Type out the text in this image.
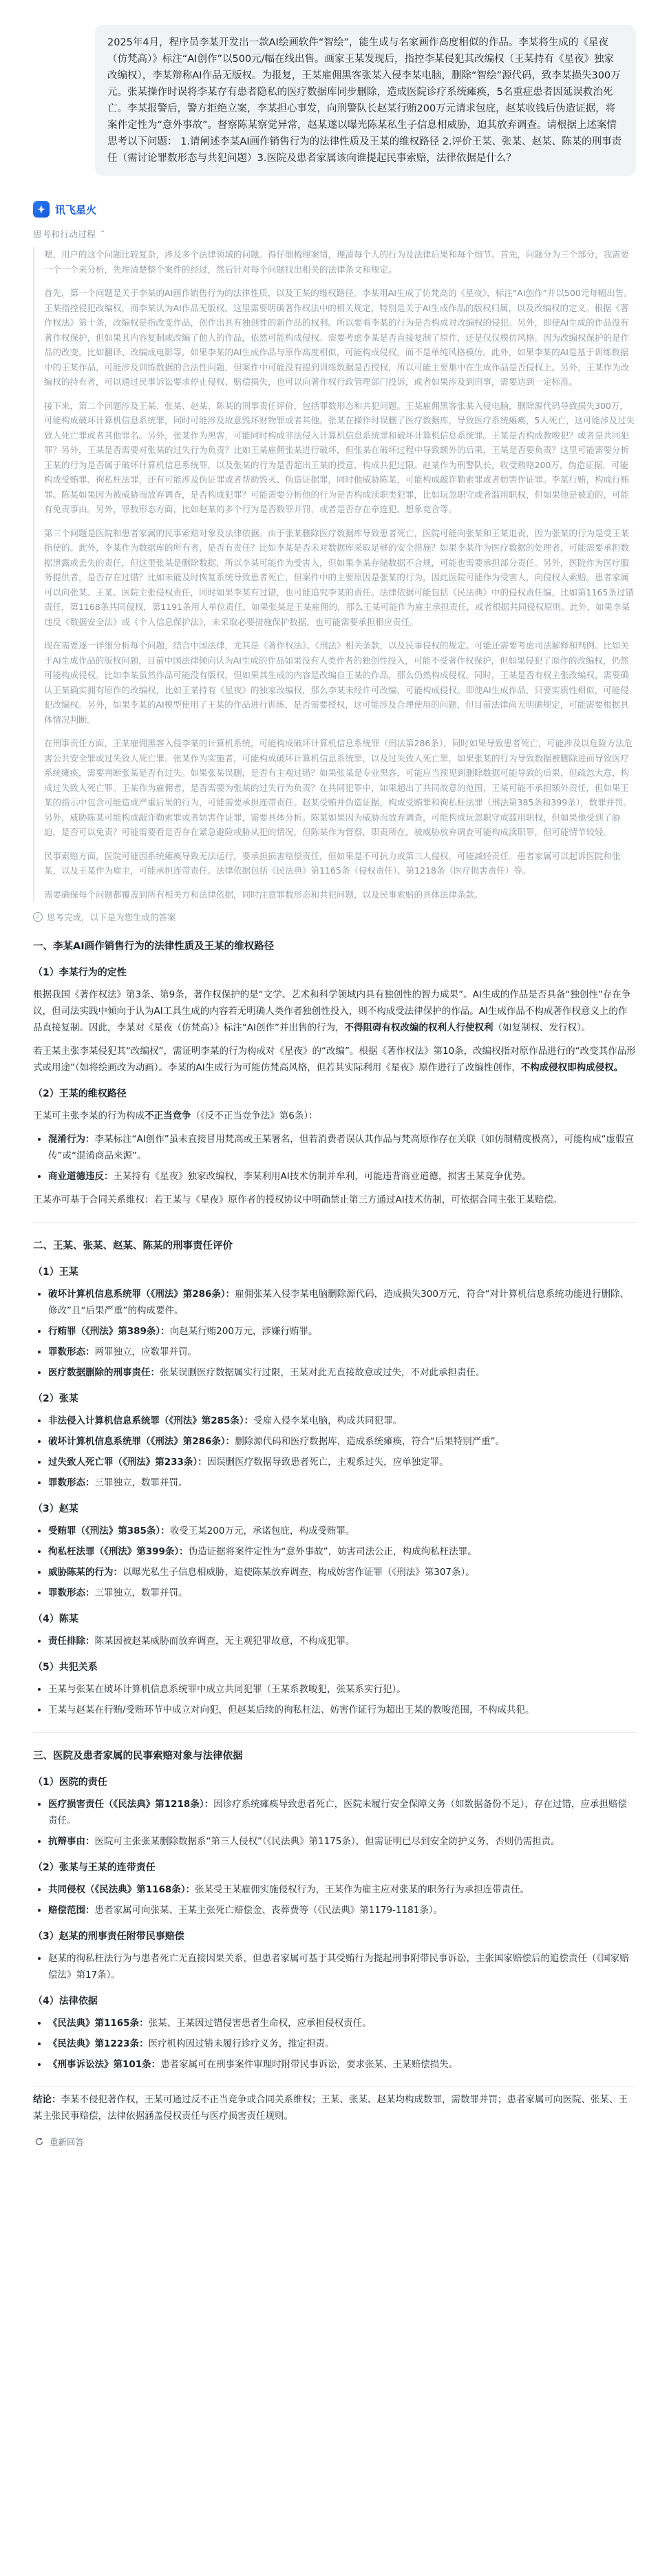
2025年4月，程序员李某开发出一款AI绘画软件“智绘”，能生成与名家画作高度相似的作品。李某将生成的《星夜（仿梵高）》标注“AI创作”以500元/幅在线出售。画家王某发现后，指控李某侵犯其改编权（王某持有《星夜》独家改编权），李某辩称AI作品无版权。为报复，王某雇佣黑客张某入侵李某电脑，删除“智绘”源代码，致李某损失300万元。张某操作时误将李某存有患者隐私的医疗数据库同步删除，造成医院诊疗系统瘫痪，5名重症患者因延误救治死亡。李某报警后，警方拒绝立案，李某担心事发，向刑警队长赵某行贿200万元请求包庇，赵某收钱后伪造证据，将案件定性为“意外事故”。督察陈某察觉异常，赵某遂以曝光陈某私生子信息相威胁，迫其放弃调查。请根据上述案情思考以下问题： 1.请阐述李某AI画作销售行为的法律性质及王某的维权路径 2.评价王某、张某、赵某、陈某的刑事责任（需讨论罪数形态与共犯问题）3.医院及患者家属该向谁提起民事索赔，法律依据是什么？
讯飞星火
思考和行动过程 ⌃

嗯，用户的这个问题比较复杂，涉及多个法律领域的问题。得仔细梳理案情，理清每个人的行为及法律后果和每个细节。首先，问题分为三个部分，我需要一个一个来分析，先理清楚整个案件的经过，然后针对每个问题找出相关的法律条文和规定。

首先，第一个问题是关于李某的AI画作销售行为的法律性质，以及王某的维权路径。李某用AI生成了仿梵高的《星夜》，标注“AI创作”并以500元每幅出售。王某指控侵犯改编权，而李某认为AI作品无版权。这里需要明确著作权法中的相关规定，特别是关于AI生成作品的版权归属，以及改编权的定义。根据《著作权法》第十条，改编权是指改变作品，创作出具有独创性的新作品的权利。所以要看李某的行为是否构成对改编权的侵犯。另外，即使AI生成的作品没有著作权保护，但如果其内容复制或改编了他人的作品，依然可能构成侵权。需要考虑李某是否直接复制了原作，还是仅仅模仿风格。因为改编权保护的是作品的改变，比如翻译、改编成电影等，如果李某的AI生成作品与原作高度相似，可能构成侵权，而不是单纯风格模仿。此外，如果李某的AI是基于训练数据中的王某作品，可能涉及训练数据的合法性问题，但案件中可能没有提到训练数据是否授权，所以可能主要集中在生成作品是否侵权上。另外，王某作为改编权的持有者，可以通过民事诉讼要求停止侵权、赔偿损失，也可以向著作权行政管理部门投诉，或者如果涉及到刑事，需要达到一定标准。

接下来，第二个问题涉及王某、张某、赵某、陈某的刑事责任评价，包括罪数形态和共犯问题。王某雇佣黑客张某入侵电脑，删除源代码导致损失300万，可能构成破坏计算机信息系统罪，同时可能涉及故意毁坏财物罪或者其他。张某在操作时误删了医疗数据库，导致医疗系统瘫痪，5人死亡，这可能涉及过失致人死亡罪或者其他罪名。另外，张某作为黑客，可能同时构成非法侵入计算机信息系统罪和破坏计算机信息系统罪。王某是否构成教唆犯？或者是共同犯罪？另外，王某是否需要对张某的过失行为负责？比如王某雇佣张某进行破坏，但张某在破坏过程中导致额外的后果，王某是否要负责？这里可能需要分析王某的行为是否属于破坏计算机信息系统罪，以及张某的行为是否超出王某的授意，构成共犯过限。赵某作为刑警队长，收受贿赂200万，伪造证据，可能构成受贿罪、徇私枉法罪，还有可能涉及伪证罪或者帮助毁灭、伪造证据罪，同时他威胁陈某，可能构成敲诈勒索罪或者妨害作证罪。李某行贿，构成行贿罪。陈某如果因为被威胁而放弃调查，是否构成犯罪？可能需要分析他的行为是否构成渎职类犯罪，比如玩忽职守或者滥用职权，但如果他是被迫的，可能有免责事由。另外，罪数形态方面，比如赵某的多个行为是否数罪并罚，或者是否存在牵连犯、想象竞合等。

第三个问题是医院和患者家属的民事索赔对象及法律依据。由于张某删除医疗数据库导致患者死亡，医院可能向张某和王某追责，因为张某的行为是受王某指使的。此外，李某作为数据库的所有者，是否有责任？比如李某是否未对数据库采取足够的安全措施？如果李某作为医疗数据的处理者，可能需要承担数据泄露或丢失的责任，但这里张某是删除数据，所以李某可能作为受害人，但如果李某存储数据不合规，可能也需要承担部分责任。另外，医院作为医疗服务提供者，是否存在过错？比如未能及时恢复系统导致患者死亡，但案件中的主要原因是张某的行为，因此医院可能作为受害人，向侵权人索赔。患者家属可以向张某、王某、医院主张侵权责任，同时如果李某有过错，也可能追究李某的责任。法律依据可能包括《民法典》中的侵权责任编，比如第1165条过错责任，第1168条共同侵权，第1191条用人单位责任，如果张某是王某雇佣的，那么王某可能作为雇主承担责任，或者根据共同侵权原则。此外，如果李某违反《数据安全法》或《个人信息保护法》，未采取必要措施保护数据，也可能需要承担相应责任。

现在需要逐一详细分析每个问题，结合中国法律，尤其是《著作权法》、《刑法》相关条款，以及民事侵权的规定。可能还需要考虑司法解释和判例。比如关于AI生成作品的版权问题，目前中国法律倾向认为AI生成的作品如果没有人类作者的独创性投入，可能不受著作权保护，但如果侵犯了原作的改编权，仍然可能构成侵权。比如李某虽然作品可能没有版权，但如果其生成的内容是改编自王某的作品，那么仍然构成侵权。同时，王某是否有权主张改编权，需要确认王某确实拥有原作的改编权，比如王某持有《星夜》的独家改编权，那么李某未经许可改编，可能构成侵权。即使AI生成作品，只要实质性相似，可能侵犯改编权。另外，如果李某的AI模型使用了王某的作品进行训练，是否需要授权，这可能涉及合理使用的问题，但目前法律尚无明确规定，可能需要根据具体情况判断。

在刑事责任方面，王某雇佣黑客入侵李某的计算机系统，可能构成破坏计算机信息系统罪（刑法第286条），同时如果导致患者死亡，可能涉及以危险方法危害公共安全罪或过失致人死亡罪。张某作为实施者，可能构成破坏计算机信息系统罪，以及过失致人死亡罪，如果张某的行为导致数据被删除进而导致医疗系统瘫痪，需要判断张某是否有过失。如果张某误删，是否有主观过错？如果张某是专业黑客，可能应当预见到删除数据可能导致的后果，但疏忽大意，构成过失致人死亡罪。王某作为雇佣者，是否需要为张某的过失行为负责？在共同犯罪中，如果超出了共同故意的范围，王某可能不承担额外责任，但如果王某的指示中包含可能造成严重后果的行为，可能需要承担连带责任。赵某受贿并伪造证据，构成受贿罪和徇私枉法罪（刑法第385条和399条），数罪并罚。另外，威胁陈某可能构成敲诈勒索罪或者妨害作证罪，需要具体分析。陈某如果因为威胁而放弃调查，可能构成玩忽职守或滥用职权，但如果他受到了胁迫，是否可以免责？可能需要看是否存在紧急避险或胁从犯的情况，但陈某作为督察，职责所在，被威胁放弃调查可能构成渎职罪，但可能情节较轻。

民事索赔方面，医院可能因系统瘫痪导致无法运行，要承担损害赔偿责任，但如果是不可抗力或第三人侵权，可能减轻责任。患者家属可以起诉医院和张某，以及王某作为雇主，可能承担连带责任。法律依据包括《民法典》第1165条（侵权责任）、第1218条（医疗损害责任）等。

需要确保每个问题都覆盖到所有相关方和法律依据，同时注意罪数形态和共犯问题，以及民事索赔的具体法律条款。

✓ 思考完成，以下是为您生成的答案
一、李某AI画作销售行为的法律性质及王某的维权路径
（1）李某行为的定性

根据我国《著作权法》第3条、第9条，著作权保护的是“文学、艺术和科学领域内具有独创性的智力成果”。AI生成的作品是否具备“独创性”存在争议，但司法实践中倾向于认为AI工具生成的内容若无明确人类作者独创性投入，则不构成受法律保护的作品。AI生成作品不构成著作权意义上的作品直接复制。因此，李某对《星夜（仿梵高）》标注“AI创作”并出售的行为，不得阻碍有权改编的权利人行使权利（如复制权、发行权）。

若王某主张李某侵犯其“改编权”，需证明李某的行为构成对《星夜》的“改编”。根据《著作权法》第10条，改编权指对原作品进行的“改变其作品形式或用途”（如将绘画改为动画）。李某的AI生成行为可能仿梵高风格，但若其实际利用《星夜》原作进行了改编性创作，不构成侵权即构成侵权。

（2）王某的维权路径

王某可主张李某的行为构成不正当竞争（《反不正当竞争法》第6条）：

• 混淆行为：李某标注“AI创作”虽未直接冒用梵高或王某署名，但若消费者误认其作品与梵高原作存在关联（如仿制精度极高），可能构成“虚假宣传”或“混淆商品来源”。
• 商业道德违反：王某持有《星夜》独家改编权，李某利用AI技术仿制并牟利，可能违背商业道德，损害王某竞争优势。

王某亦可基于合同关系维权：若王某与《星夜》原作者的授权协议中明确禁止第三方通过AI技术仿制，可依据合同主张王某赔偿。

二、王某、张某、赵某、陈某的刑事责任评价
（1）王某
• 破坏计算机信息系统罪（《刑法》第286条）：雇佣张某入侵李某电脑删除源代码，造成损失300万元，符合“对计算机信息系统功能进行删除、修改”且“后果严重”的构成要件。
• 行贿罪（《刑法》第389条）：向赵某行贿200万元，涉嫌行贿罪。
• 罪数形态：两罪独立，应数罪并罚。
• 医疗数据删除的刑事责任：张某误删医疗数据属实行过限，王某对此无直接故意或过失，不对此承担责任。
（2）张某
• 非法侵入计算机信息系统罪（《刑法》第285条）：受雇入侵李某电脑，构成共同犯罪。
• 破坏计算机信息系统罪（《刑法》第286条）：删除源代码和医疗数据库，造成系统瘫痪，符合“后果特别严重”。
• 过失致人死亡罪（《刑法》第233条）：因误删医疗数据导致患者死亡，主观系过失，应单独定罪。
• 罪数形态：三罪独立，数罪并罚。
（3）赵某
• 受贿罪（《刑法》第385条）：收受王某200万元，承诺包庇，构成受贿罪。
• 徇私枉法罪（《刑法》第399条）：伪造证据将案件定性为“意外事故”，妨害司法公正，构成徇私枉法罪。
• 威胁陈某的行为：以曝光私生子信息相威胁，迫使陈某放弃调查，构成妨害作证罪（《刑法》第307条）。
• 罪数形态：三罪独立，数罪并罚。
（4）陈某
• 责任排除：陈某因被赵某威胁而放弃调查，无主观犯罪故意，不构成犯罪。
（5）共犯关系
• 王某与张某在破坏计算机信息系统罪中成立共同犯罪（王某系教唆犯，张某系实行犯）。
• 王某与赵某在行贿/受贿环节中成立对向犯，但赵某后续的徇私枉法、妨害作证行为超出王某的教唆范围，不构成共犯。
三、医院及患者家属的民事索赔对象与法律依据
（1）医院的责任
• 医疗损害责任（《民法典》第1218条）：因诊疗系统瘫痪导致患者死亡，医院未履行安全保障义务（如数据备份不足），存在过错，应承担赔偿责任。
• 抗辩事由：医院可主张张某删除数据系“第三人侵权”（《民法典》第1175条），但需证明已尽到安全防护义务，否则仍需担责。
（2）张某与王某的连带责任
• 共同侵权（《民法典》第1168条）：张某受王某雇佣实施侵权行为，王某作为雇主应对张某的职务行为承担连带责任。
• 赔偿范围：患者家属可向张某、王某主张死亡赔偿金、丧葬费等（《民法典》第1179-1181条）。
（3）赵某的刑事责任附带民事赔偿
• 赵某的徇私枉法行为与患者死亡无直接因果关系，但患者家属可基于其受贿行为提起刑事附带民事诉讼，主张国家赔偿后的追偿责任（《国家赔偿法》第17条）。
（4）法律依据
• 《民法典》第1165条：张某、王某因过错侵害患者生命权，应承担侵权责任。
• 《民法典》第1223条：医疗机构因过错未履行诊疗义务，推定担责。
• 《刑事诉讼法》第101条：患者家属可在刑事案件审理时附带民事诉讼，要求张某、王某赔偿损失。

结论：李某不侵犯著作权，王某可通过反不正当竞争或合同关系维权；王某、张某、赵某均构成数罪，需数罪并罚；患者家属可向医院、张某、王某主张民事赔偿，法律依据涵盖侵权责任与医疗损害责任规则。

重新回答
